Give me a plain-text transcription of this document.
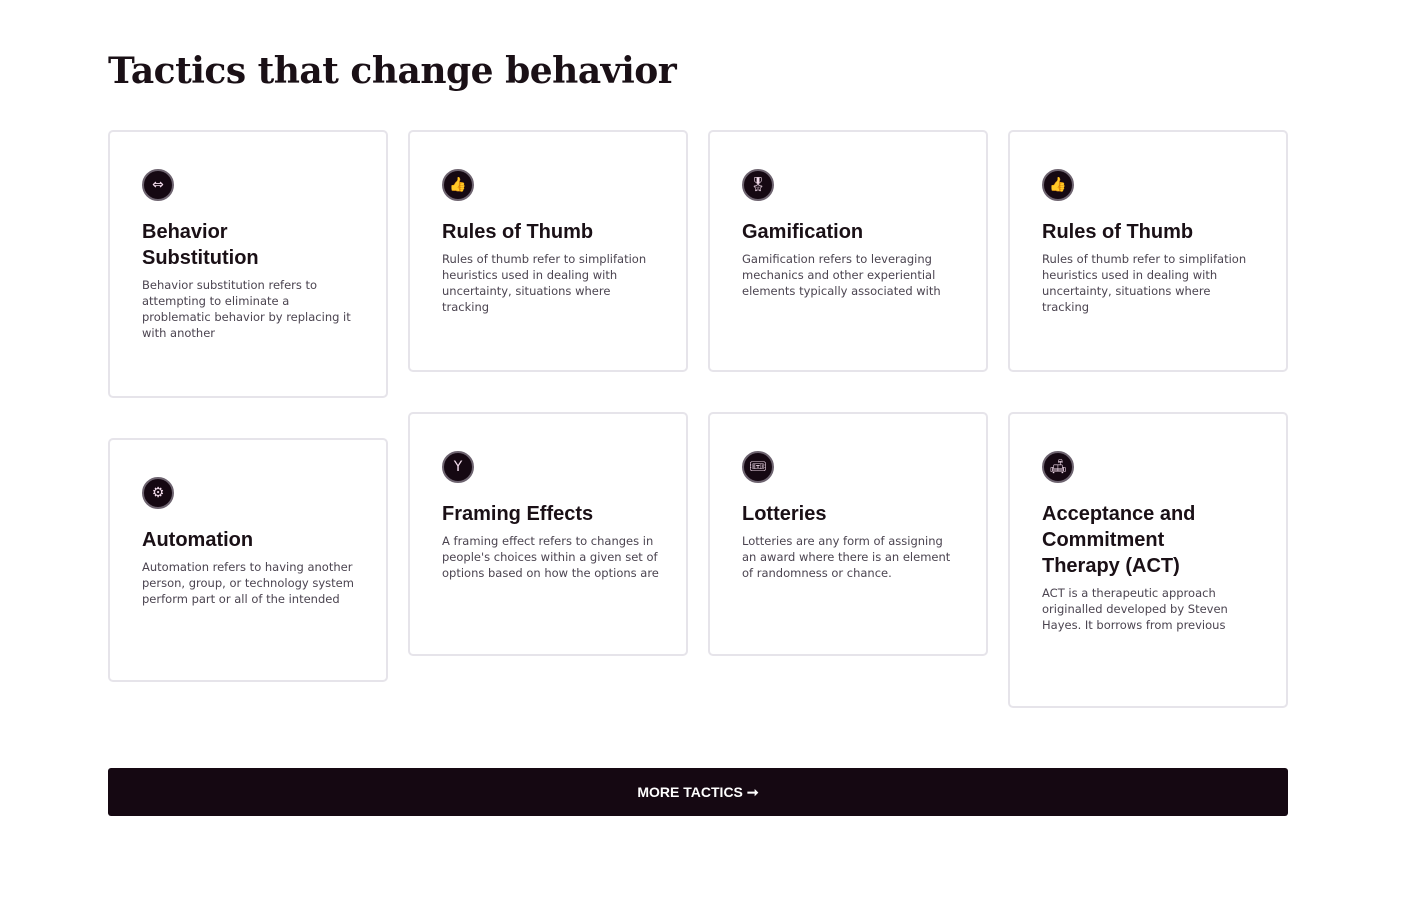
Tactics that change behavior
⇔
Behavior Substitution
Behavior substitution refers to attempting to eliminate a problematic behavior by replacing it with another
👍
Rules of Thumb
Rules of thumb refer to simplifation heuristics used in dealing with uncertainty, situations where tracking
🎖
Gamification
Gamification refers to leveraging mechanics and other experiential elements typically associated with
👍
Rules of Thumb
Rules of thumb refer to simplifation heuristics used in dealing with uncertainty, situations where tracking
⚙
Automation
Automation refers to having another person, group, or technology system perform part or all of the intended
Y
Framing Effects
A framing effect refers to changes in people's choices within a given set of options based on how the options are
🎟
Lotteries
Lotteries are any form of assigning an award where there is an element of randomness or chance.
🛋
Acceptance and Commitment Therapy (ACT)
ACT is a therapeutic approach originalled developed by Steven Hayes. It borrows from previous
MORE TACTICS ➞
